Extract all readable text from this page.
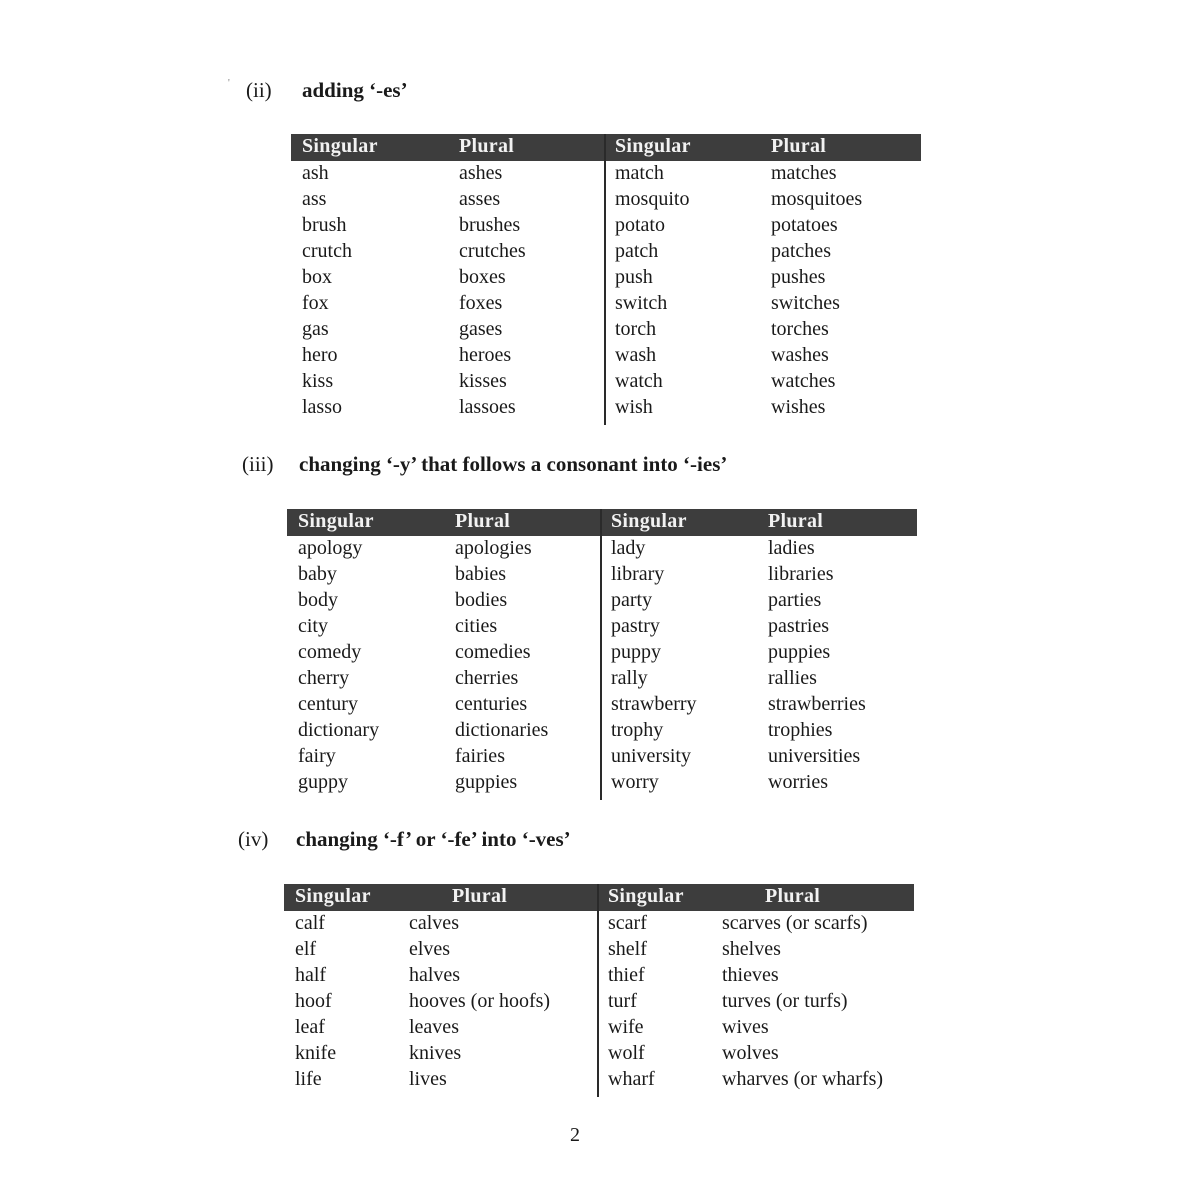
' (ii) adding ‘-es’
Singular	Plural	Singular	Plural
ash	ashes	match	matches
ass	asses	mosquito	mosquitoes
brush	brushes	potato	potatoes
crutch	crutches	patch	patches
box	boxes	push	pushes
fox	foxes	switch	switches
gas	gases	torch	torches
hero	heroes	wash	washes
kiss	kisses	watch	watches
lasso	lassoes	wish	wishes
(iii) changing ‘-y’ that follows a consonant into ‘-ies’
Singular	Plural	Singular	Plural
apology	apologies	lady	ladies
baby	babies	library	libraries
body	bodies	party	parties
city	cities	pastry	pastries
comedy	comedies	puppy	puppies
cherry	cherries	rally	rallies
century	centuries	strawberry	strawberries
dictionary	dictionaries	trophy	trophies
fairy	fairies	university	universities
guppy	guppies	worry	worries
(iv) changing ‘-f’ or ‘-fe’ into ‘-ves’
Singular	Plural	Singular	Plural
calf	calves	scarf	scarves (or scarfs)
elf	elves	shelf	shelves
half	halves	thief	thieves
hoof	hooves (or hoofs)	turf	turves (or turfs)
leaf	leaves	wife	wives
knife	knives	wolf	wolves
life	lives	wharf	wharves (or wharfs)
2
